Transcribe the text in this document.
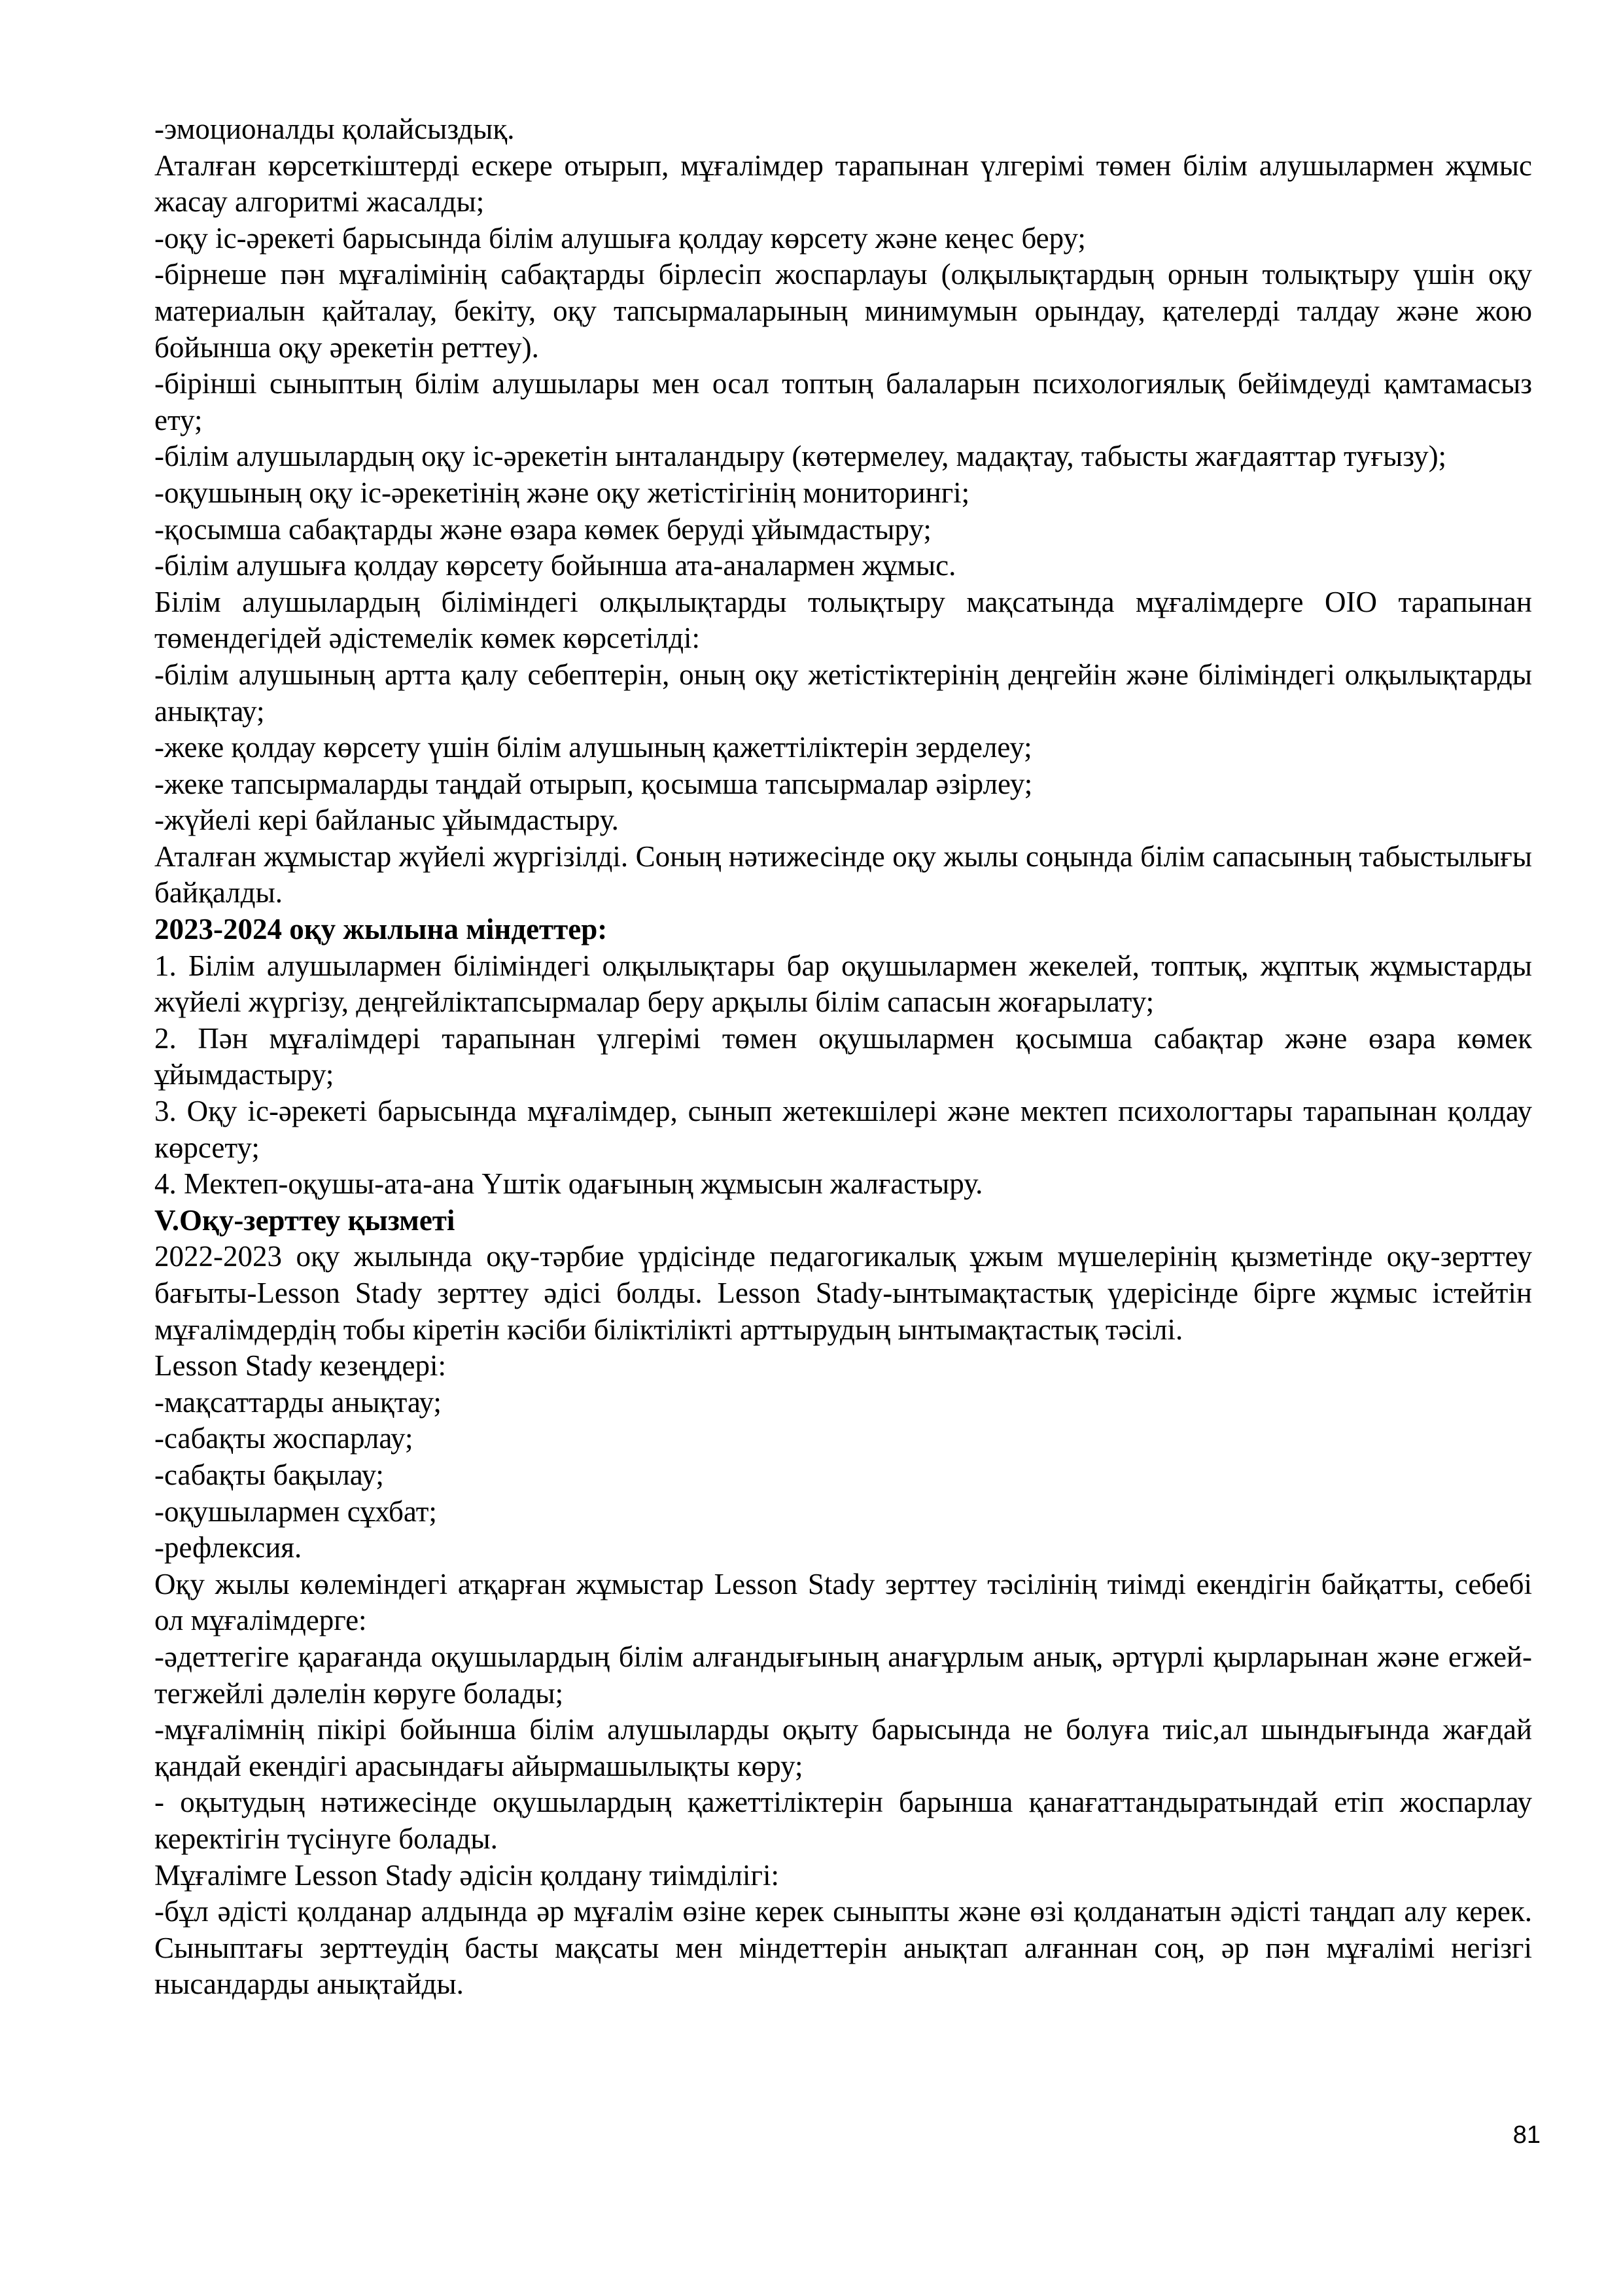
-эмоционалды қолайсыздық.

Аталған көрсеткіштерді ескере отырып, мұғалімдер тарапынан үлгерімі төмен білім алушылармен жұмыс жасау алгоритмі жасалды;

-оқу іс-әрекеті барысында білім алушыға қолдау көрсету және кеңес беру;

-бірнеше пән мұғалімінің сабақтарды бірлесіп жоспарлауы (олқылықтардың орнын толықтыру үшін оқу материалын қайталау, бекіту, оқу тапсырмаларының минимумын орындау, қателерді талдау және жою бойынша оқу әрекетін реттеу).

-бірінші сыныптың білім алушылары мен осал топтың балаларын психологиялық бейімдеуді қамтамасыз ету;

-білім алушылардың оқу іс-әрекетін ынталандыру (көтермелеу, мадақтау, табысты жағдаяттар туғызу);

-оқушының оқу іс-әрекетінің және оқу жетістігінің мониторингі;

-қосымша сабақтарды және өзара көмек беруді ұйымдастыру;

-білім алушыға қолдау көрсету бойынша ата-аналармен жұмыс.

Білім алушылардың біліміндегі олқылықтарды толықтыру мақсатында мұғалімдерге ОІО тарапынан төмендегідей әдістемелік көмек көрсетілді:

-білім алушының артта қалу себептерін, оның оқу жетістіктерінің деңгейін және біліміндегі олқылықтарды анықтау;

-жеке қолдау көрсету үшін білім алушының қажеттіліктерін зерделеу;

-жеке тапсырмаларды таңдай отырып, қосымша тапсырмалар әзірлеу;

-жүйелі кері байланыс ұйымдастыру.

Аталған жұмыстар жүйелі жүргізілді. Соның нәтижесінде оқу жылы соңында білім сапасының табыстылығы байқалды.

2023-2024 оқу жылына міндеттер:

1. Білім алушылармен біліміндегі олқылықтары бар оқушылармен жекелей, топтық, жұптық жұмыстарды жүйелі жүргізу, деңгейліктапсырмалар беру арқылы білім сапасын жоғарылату;

2. Пән мұғалімдері тарапынан үлгерімі төмен оқушылармен қосымша сабақтар және өзара көмек ұйымдастыру;

3. Оқу іс-әрекеті барысында мұғалімдер, сынып жетекшілері және мектеп психологтары тарапынан қолдау көрсету;

4. Мектеп-оқушы-ата-ана Үштік одағының жұмысын жалғастыру.

V.Оқу-зерттеу қызметі

2022-2023 оқу жылында оқу-тәрбие үрдісінде педагогикалық ұжым мүшелерінің қызметінде оқу-зерттеу бағыты-Lesson Stady зерттеу әдісі болды. Lesson Stady-ынтымақтастық үдерісінде бірге жұмыс істейтін мұғалімдердің тобы кіретін кәсіби біліктілікті арттырудың ынтымақтастық тәсілі.

Lesson Stady кезеңдері:

-мақсаттарды анықтау;

-сабақты жоспарлау;

-сабақты бақылау;

-оқушылармен сұхбат;

-рефлексия.

Оқу жылы көлеміндегі атқарған жұмыстар Lesson Stady зерттеу тәсілінің тиімді екендігін байқатты, себебі ол мұғалімдерге:

-әдеттегіге қарағанда оқушылардың білім алғандығының анағұрлым анық, әртүрлі қырларынан және егжей-тегжейлі дәлелін көруге болады;

-мұғалімнің пікірі бойынша білім алушыларды оқыту барысында не болуға тиіс,ал шындығында жағдай қандай екендігі арасындағы айырмашылықты көру;

- оқытудың нәтижесінде оқушылардың қажеттіліктерін барынша қанағаттандыратындай етіп жоспарлау керектігін түсінуге болады.

Мұғалімге Lesson Stady әдісін қолдану тиімділігі:

-бұл әдісті қолданар алдында әр мұғалім өзіне керек сыныпты және өзі қолданатын әдісті таңдап алу керек. Сыныптағы зерттеудің басты мақсаты мен міндеттерін анықтап алғаннан соң, әр пән мұғалімі негізгі нысандарды анықтайды.

81
